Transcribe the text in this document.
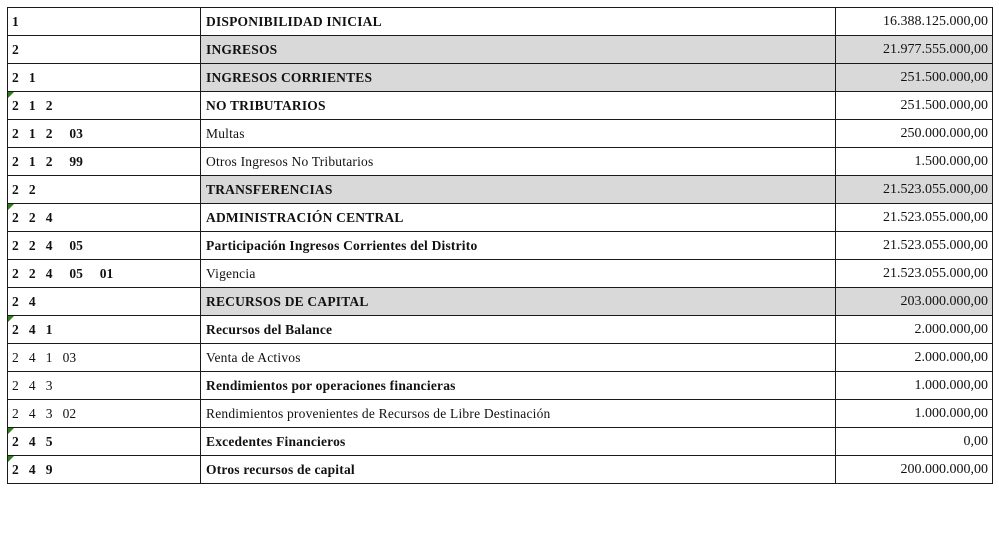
1	DISPONIBILIDAD INICIAL	16.388.125.000,00
2	INGRESOS	21.977.555.000,00
2   1	INGRESOS CORRIENTES	251.500.000,00

2   1   2	NO TRIBUTARIOS	251.500.000,00
2   1   2     03	Multas	250.000.000,00
2   1   2     99	Otros Ingresos No Tributarios	1.500.000,00
2   2	TRANSFERENCIAS	21.523.055.000,00

2   2   4	ADMINISTRACIÓN CENTRAL	21.523.055.000,00
2   2   4     05	Participación Ingresos Corrientes del Distrito	21.523.055.000,00
2   2   4     05     01	Vigencia	21.523.055.000,00
2   4	RECURSOS DE CAPITAL	203.000.000,00

2   4   1	Recursos del Balance	2.000.000,00
2   4   1   03	Venta de Activos	2.000.000,00
2   4   3	Rendimientos por operaciones financieras	1.000.000,00
2   4   3   02	Rendimientos provenientes de Recursos de Libre Destinación	1.000.000,00

2   4   5	Excedentes Financieros	0,00

2   4   9	Otros recursos de capital	200.000.000,00
